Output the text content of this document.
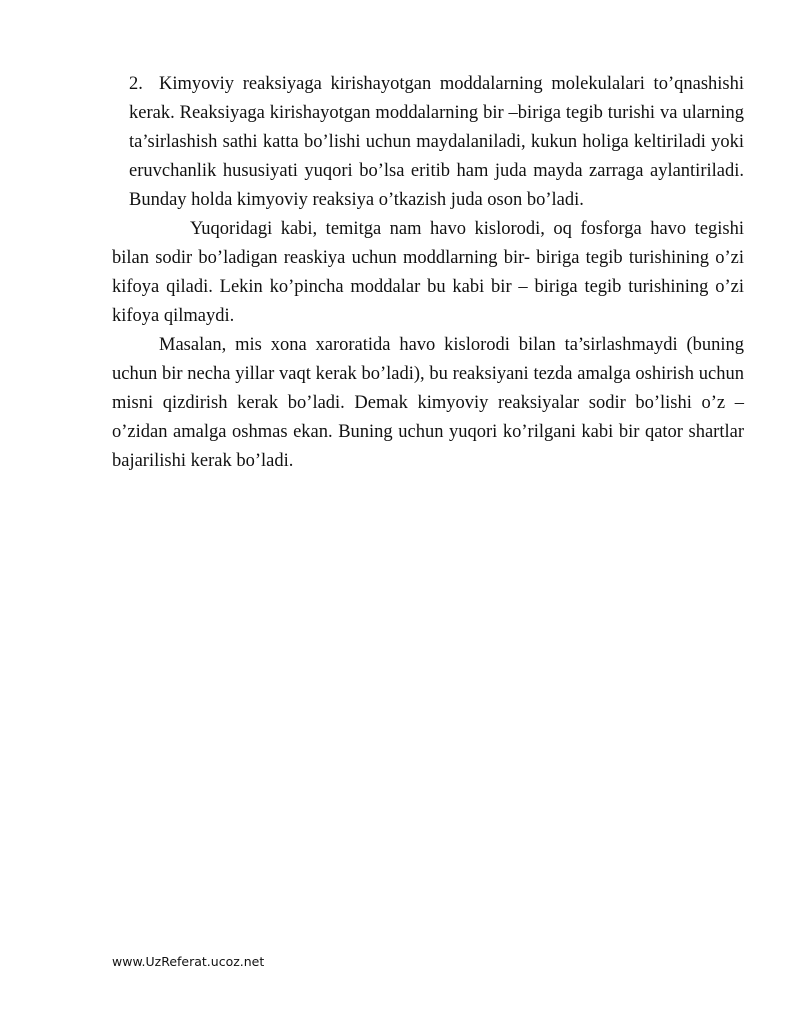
2. Kimyoviy reaksiyaga kirishayotgan moddalarning molekulalari to’qnashishi kerak. Reaksiyaga kirishayotgan moddalarning bir –biriga tegib turishi va ularning ta’sirlashish sathi katta bo’lishi uchun maydalaniladi, kukun holiga keltiriladi yoki eruvchanlik hususiyati yuqori bo’lsa eritib ham juda mayda zarraga aylantiriladi. Bunday holda kimyoviy reaksiya o’tkazish juda oson bo’ladi.

Yuqoridagi kabi, temitga nam havo kislorodi, oq fosforga havo tegishi bilan sodir bo’ladigan reaskiya uchun moddlarning bir- biriga tegib turishining o’zi kifoya qiladi. Lekin ko’pincha moddalar bu kabi bir – biriga tegib turishining o’zi kifoya qilmaydi.

Masalan, mis xona xaroratida havo kislorodi bilan ta’sirlashmaydi (buning uchun bir necha yillar vaqt kerak bo’ladi), bu reaksiyani tezda amalga oshirish uchun misni qizdirish kerak bo’ladi. Demak kimyoviy reaksiyalar sodir bo’lishi o’z – o’zidan amalga oshmas ekan. Buning uchun yuqori ko’rilgani kabi bir qator shartlar bajarilishi kerak bo’ladi.

www.UzReferat.ucoz.net
